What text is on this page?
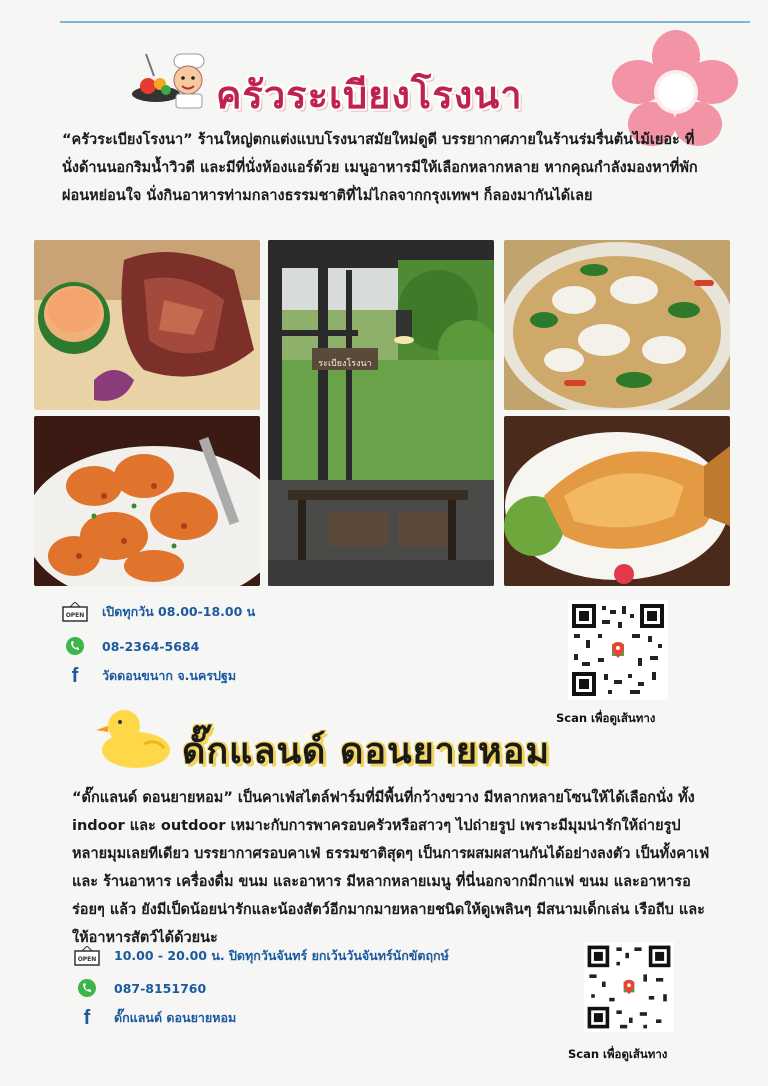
ครัวระเบียงโรงนา
“ครัวระเบียงโรงนา” ร้านใหญ่ตกแต่งแบบโรงนาสมัยใหม่ดูดี บรรยากาศภายในร้านร่มรื่นต้นไม้เยอะ ที่นั่งด้านนอกริมน้ำวิวดี และมีที่นั่งห้องแอร์ด้วย เมนูอาหารมีให้เลือกหลากหลาย หากคุณกำลังมองหาที่พักผ่อนหย่อนใจ นั่งกินอาหารท่ามกลางธรรมชาติที่ไม่ไกลจากกรุงเทพฯ ก็ลองมากันได้เลย
ระเบียงโรงนา
OPEN เปิดทุกวัน 08.00-18.00 น
08-2364-5684
f	วัดดอนขนาก จ.นครปฐม
Scan เพื่อดูเส้นทาง
ดั๊กแลนด์ ดอนยายหอม
“ดั๊กแลนด์ ดอนยายหอม” เป็นคาเฟ่สไตล์ฟาร์มที่มีพื้นที่กว้างขวาง มีหลากหลายโซนให้ได้เลือกนั่ง ทั้ง indoor และ outdoor เหมาะกับการพาครอบครัวหรือสาวๆ ไปถ่ายรูป เพราะมีมุมน่ารักให้ถ่ายรูปหลายมุมเลยทีเดียว บรรยากาศรอบคาเฟ่ ธรรมชาติสุดๆ เป็นการผสมผสานกันได้อย่างลงตัว เป็นทั้งคาเฟ่ และ ร้านอาหาร เครื่องดื่ม ขนม และอาหาร มีหลากหลายเมนู ที่นี่นอกจากมีกาแฟ ขนม และอาหารอร่อยๆ แล้ว ยังมีเป็ดน้อยน่ารักและน้องสัตว์อีกมากมายหลายชนิดให้ดูเพลินๆ มีสนามเด็กเล่น เรือถีบ และให้อาหารสัตว์ได้ด้วยนะ
OPEN 10.00 - 20.00 น. ปิดทุกวันจันทร์ ยกเว้นวันจันทร์นักขัตฤกษ์
087-8151760
f	ดั๊กแลนด์ ดอนยายหอม
Scan เพื่อดูเส้นทาง
